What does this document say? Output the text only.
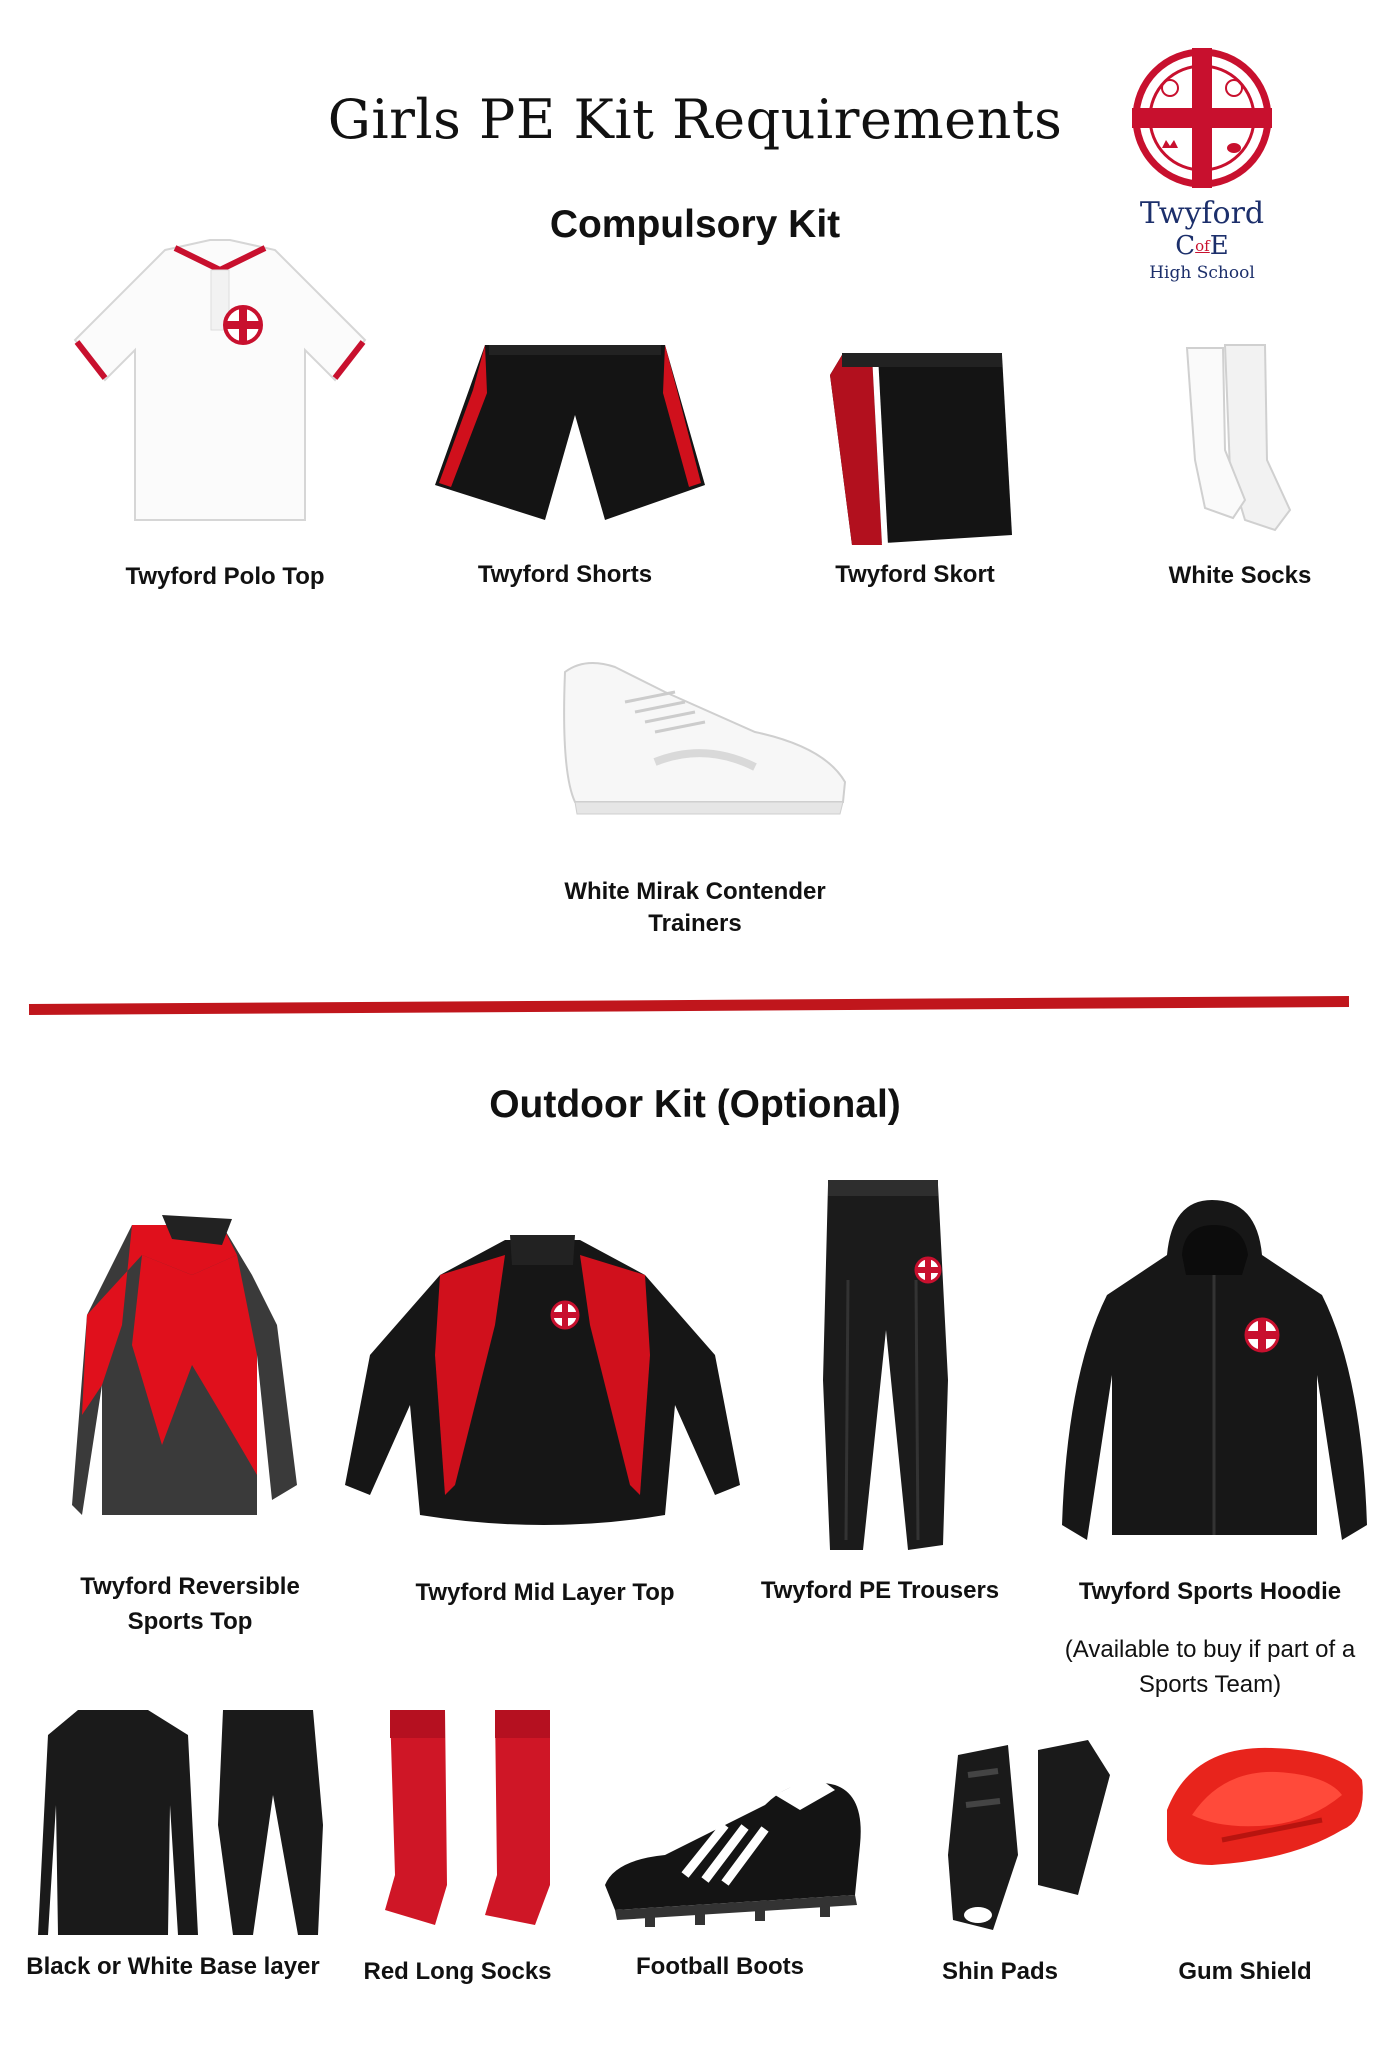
Girls PE Kit Requirements
Twyford
$C^{of}E$
High School
Compulsory Kit
Twyford Polo Top	Twyford Shorts	Twyford Skort	White Socks
White Mirak Contender
Trainers
Outdoor Kit (Optional)
Twyford Reversible
Sports Top
Twyford Mid Layer Top	Twyford PE Trousers	Twyford Sports Hoodie
(Available to buy if part of a
Sports Team)
Black or White Base layer	Red Long Socks	Football Boots	Shin Pads	Gum Shield
